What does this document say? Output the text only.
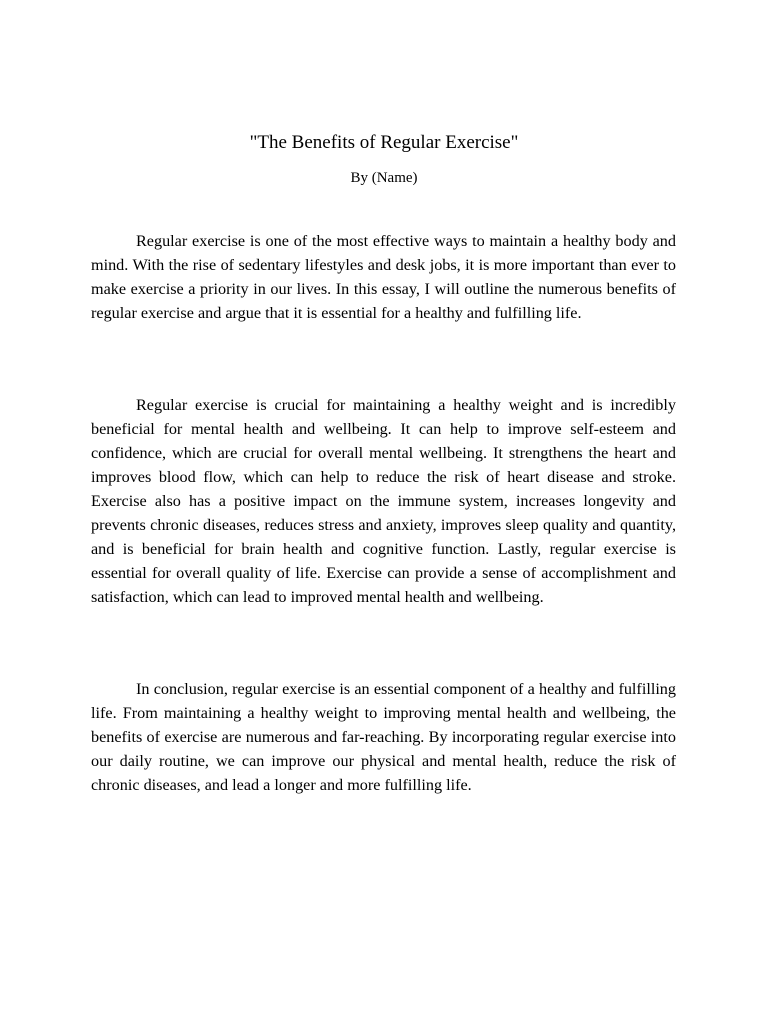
"The Benefits of Regular Exercise"
By (Name)

Regular exercise is one of the most effective ways to maintain a healthy body and mind. With the rise of sedentary lifestyles and desk jobs, it is more important than ever to make exercise a priority in our lives. In this essay, I will outline the numerous benefits of regular exercise and argue that it is essential for a healthy and fulfilling life.

Regular exercise is crucial for maintaining a healthy weight and is incredibly beneficial for mental health and wellbeing. It can help to improve self-esteem and confidence, which are crucial for overall mental wellbeing. It strengthens the heart and improves blood flow, which can help to reduce the risk of heart disease and stroke. Exercise also has a positive impact on the immune system, increases longevity and prevents chronic diseases, reduces stress and anxiety, improves sleep quality and quantity, and is beneficial for brain health and cognitive function. Lastly, regular exercise is essential for overall quality of life. Exercise can provide a sense of accomplishment and satisfaction, which can lead to improved mental health and wellbeing.

In conclusion, regular exercise is an essential component of a healthy and fulfilling life. From maintaining a healthy weight to improving mental health and wellbeing, the benefits of exercise are numerous and far-reaching. By incorporating regular exercise into our daily routine, we can improve our physical and mental health, reduce the risk of chronic diseases, and lead a longer and more fulfilling life.
